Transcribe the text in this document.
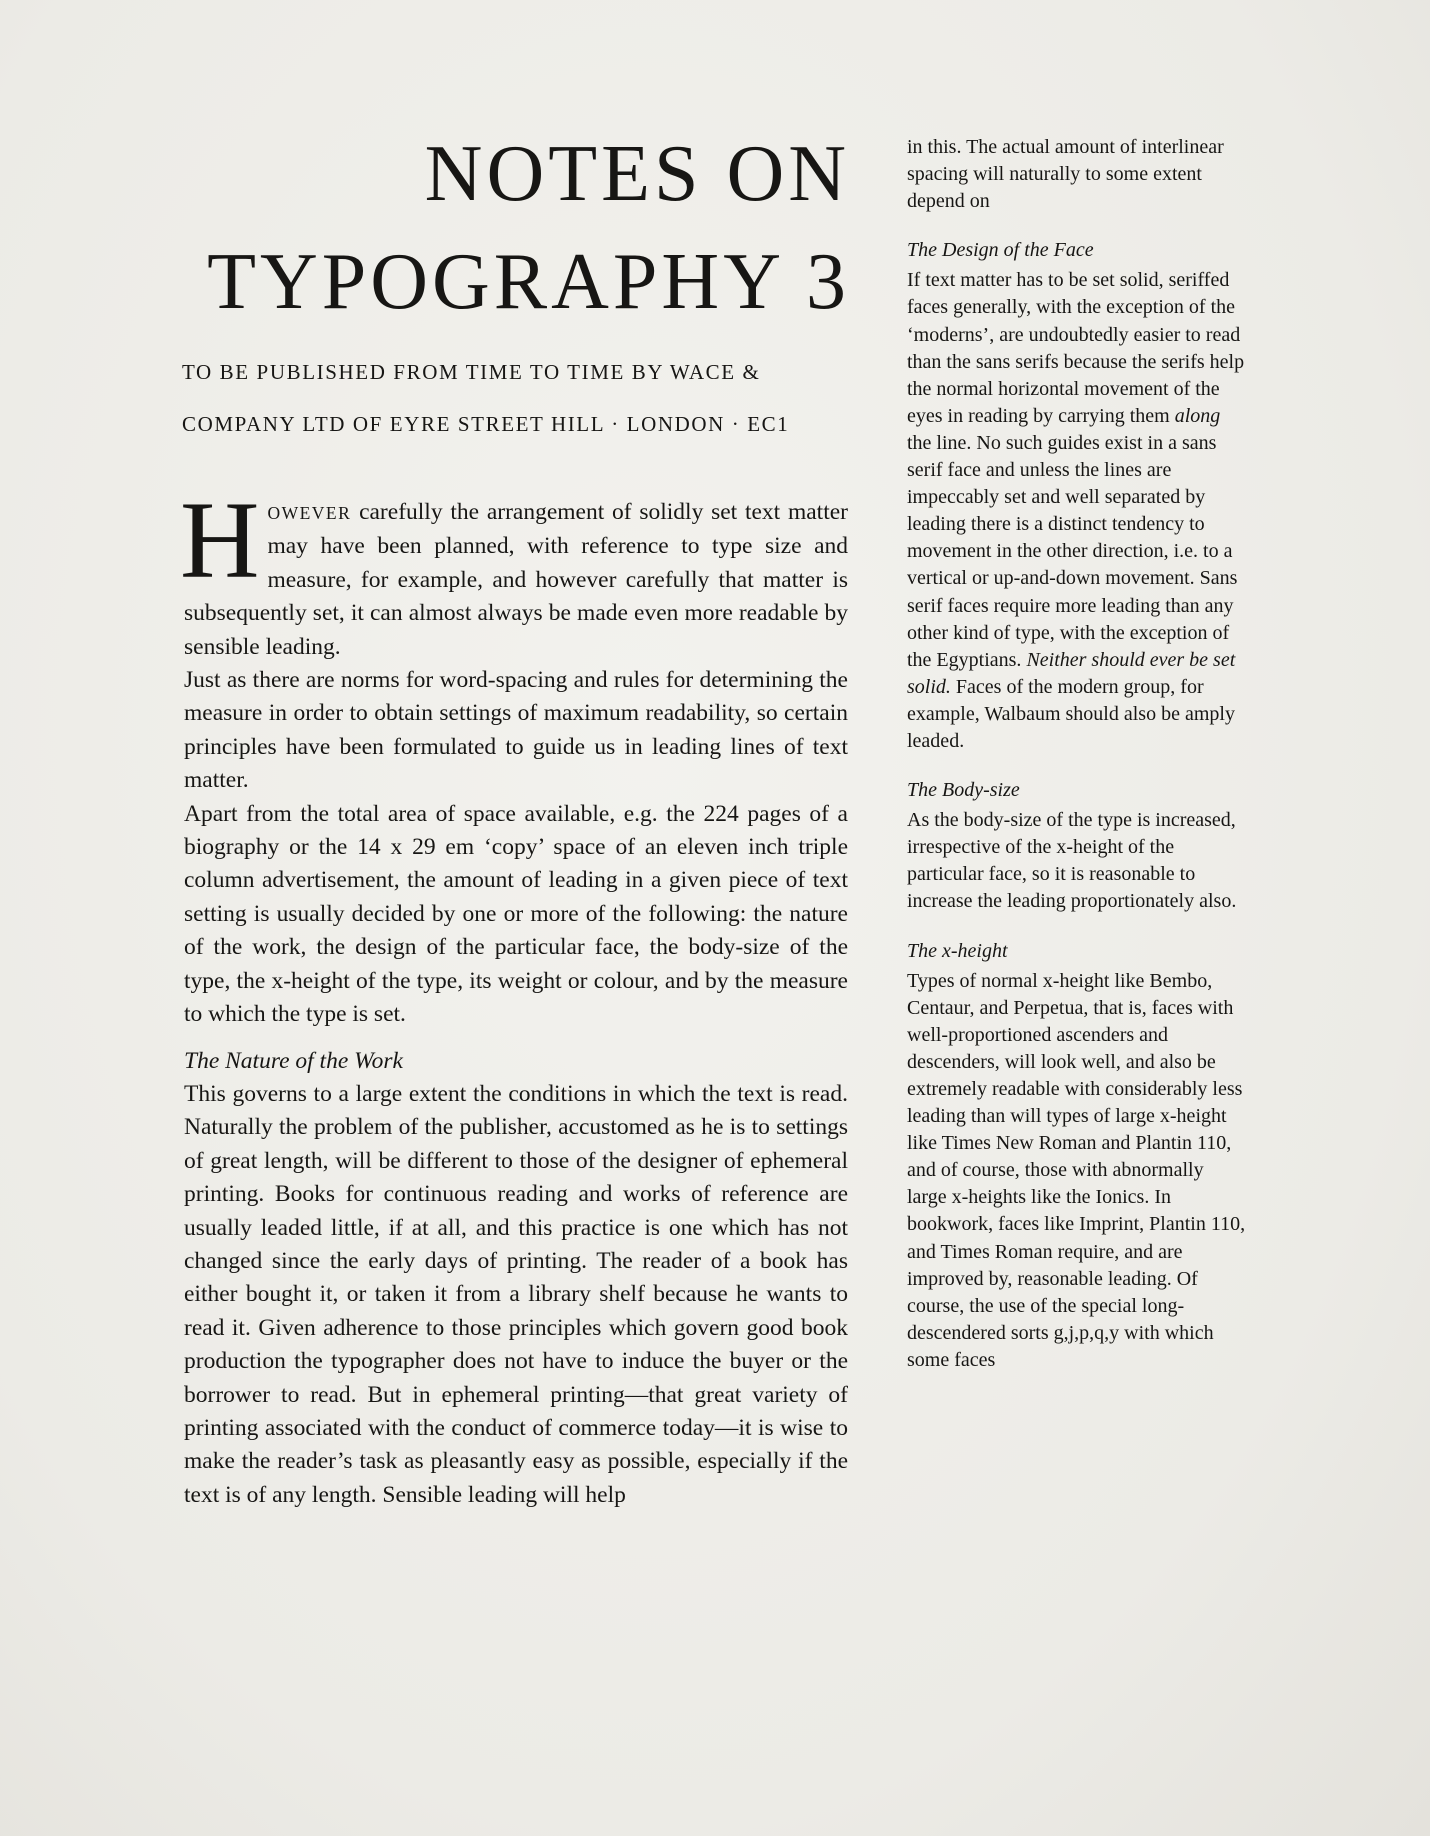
NOTES ON
TYPOGRAPHY 3
TO BE PUBLISHED FROM TIME TO TIME BY WACE &
COMPANY LTD OF EYRE STREET HILL · LONDON · EC1

HOWEVER carefully the arrangement of solidly set text matter may have been planned, with reference to type size and measure, for example, and however carefully that matter is subsequently set, it can almost always be made even more readable by sensible leading.

Just as there are norms for word-spacing and rules for determining the measure in order to obtain settings of maximum readability, so certain principles have been formulated to guide us in leading lines of text matter.

Apart from the total area of space available, e.g. the 224 pages of a biography or the 14 x 29 em ‘copy’ space of an eleven inch triple column advertisement, the amount of leading in a given piece of text setting is usually decided by one or more of the following: the nature of the work, the design of the particular face, the body-size of the type, the x-height of the type, its weight or colour, and by the measure to which the type is set.

The Nature of the Work

This governs to a large extent the conditions in which the text is read. Naturally the problem of the publisher, accustomed as he is to settings of great length, will be different to those of the designer of ephemeral printing. Books for continuous reading and works of reference are usually leaded little, if at all, and this practice is one which has not changed since the early days of printing. The reader of a book has either bought it, or taken it from a library shelf because he wants to read it. Given adherence to those principles which govern good book production the typographer does not have to induce the buyer or the borrower to read. But in ephemeral printing—that great variety of printing associated with the conduct of commerce today—it is wise to make the reader’s task as pleasantly easy as possible, especially if the text is of any length. Sensible leading will help

in this. The actual amount of interlinear spacing will naturally to some extent depend on

The Design of the Face

If text matter has to be set solid, seriffed faces generally, with the exception of the ‘moderns’, are undoubtedly easier to read than the sans serifs because the serifs help the normal horizontal movement of the eyes in reading by carrying them along the line. No such guides exist in a sans serif face and unless the lines are impeccably set and well separated by leading there is a distinct tendency to movement in the other direction, i.e. to a vertical or up-and-down movement. Sans serif faces require more leading than any other kind of type, with the exception of the Egyptians. Neither should ever be set solid. Faces of the modern group, for example, Walbaum should also be amply leaded.

The Body-size

As the body-size of the type is increased, irrespective of the x-height of the particular face, so it is reasonable to increase the leading proportionately also.

The x-height

Types of normal x-height like Bembo, Centaur, and Perpetua, that is, faces with well-proportioned ascenders and descenders, will look well, and also be extremely readable with considerably less leading than will types of large x-height like Times New Roman and Plantin 110, and of course, those with abnormally large x-heights like the Ionics. In bookwork, faces like Imprint, Plantin 110, and Times Roman require, and are improved by, reasonable leading. Of course, the use of the special long-descendered sorts g,j,p,q,y with which some faces
